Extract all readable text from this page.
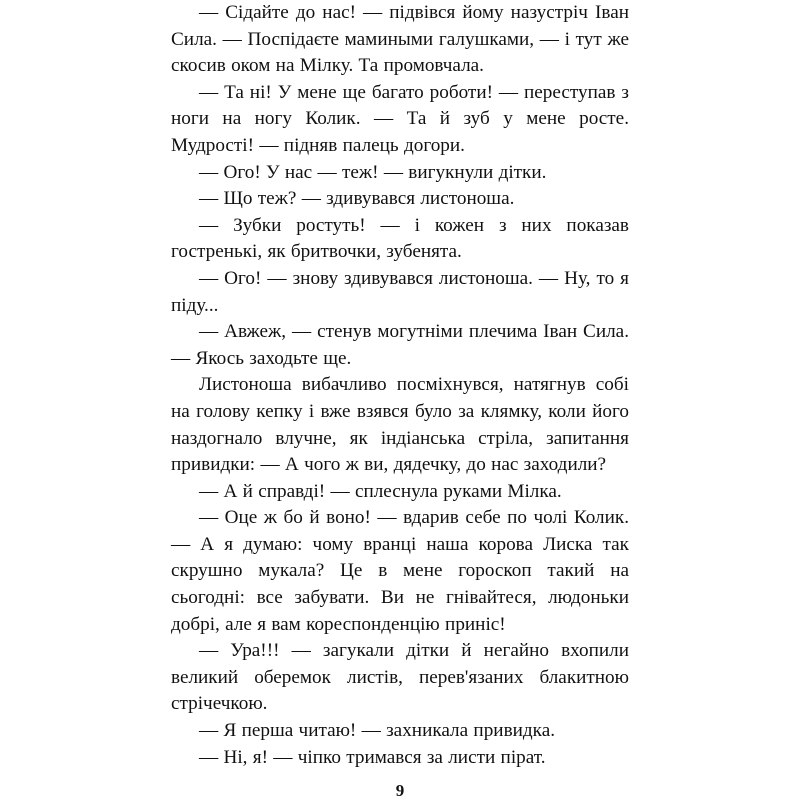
— Сідайте до нас! — підвівся йому назустріч Іван Сила. — Поспідаєте мамиными галушками, — і тут же скосив оком на Мілку. Та промовчала.

— Та ні! У мене ще багато роботи! — переступав з ноги на ногу Колик. — Та й зуб у мене росте. Мудрості! — підняв палець догори.

— Ого! У нас — теж! — вигукнули дітки.

— Що теж? — здивувався листоноша.

— Зубки ростуть! — і кожен з них показав гостренькі, як бритвочки, зубенята.

— Ого! — знову здивувався листоноша. — Ну, то я піду...

— Авжеж, — стенув могутніми плечима Іван Сила. — Якось заходьте ще.

Листоноша вибачливо посміхнувся, натягнув собі на голову кепку і вже взявся було за клямку, коли його наздогнало влучне, як індіанська стріла, запитання привидки: — А чого ж ви, дядечку, до нас заходили?

— А й справді! — сплеснула руками Мілка.

— Оце ж бо й воно! — вдарив себе по чолі Колик. — А я думаю: чому вранці наша корова Лиска так скрушно мукала? Це в мене гороскоп такий на сьогодні: все забувати. Ви не гнівайтеся, людоньки добрі, але я вам кореспонденцію приніс!

— Ура!!! — загукали дітки й негайно вхопили великий оберемок листів, перев'язаних блакитною стрічечкою.

— Я перша читаю! — захникала привидка.

— Ні, я! — чіпко тримався за листи пірат.

9
